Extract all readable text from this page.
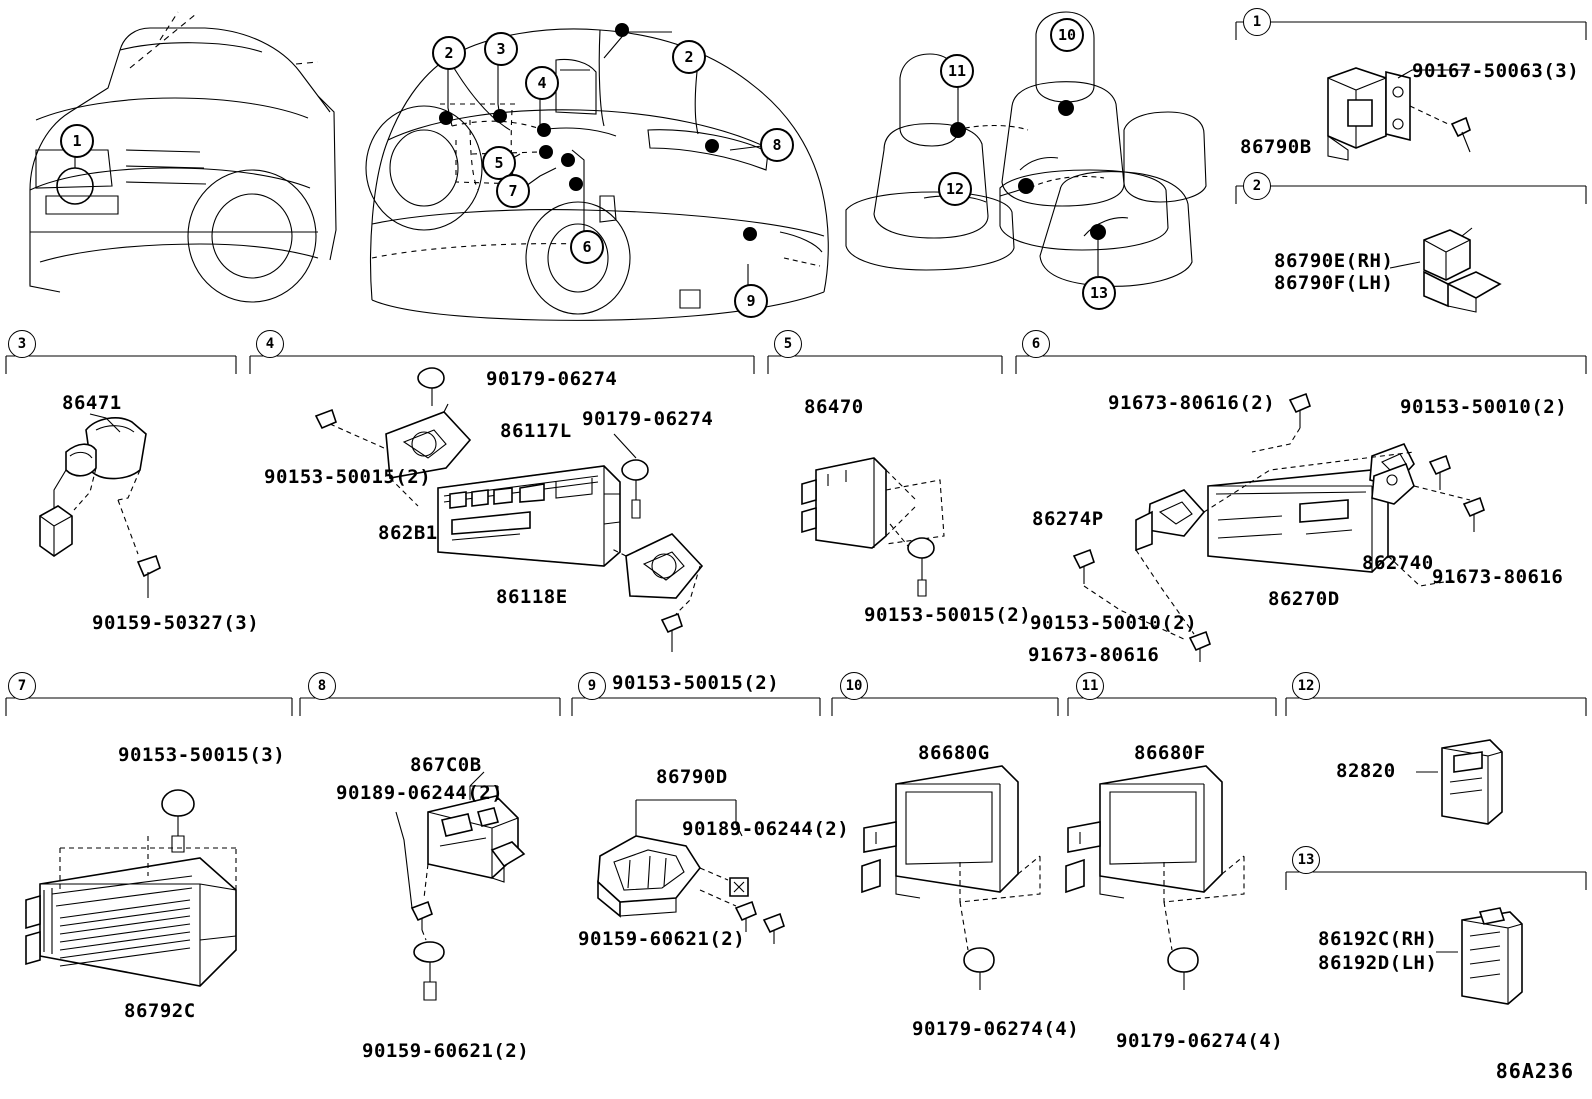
1
2	3
4
5
7
6
2
8
9
11
10
12
13
1
2
3	4	5	6
7	8	9	10	11	12
13
86790B
90167-50063(3)
86790E(RH)
86790F(LH)
86471
90159-50327(3)
90179-06274
86117L
90179-06274
90153-50015(2)
862B1
86118E
90153-50015(2)
86470
90153-50015(2)
91673-80616(2)	90153-50010(2)
86274P
862740
91673-80616
86270D
90153-50010(2)
91673-80616
90153-50015(3)
86792C
867C0B
90189-06244(2)
90159-60621(2)
86790D
90189-06244(2)
90159-60621(2)
86680G
90179-06274(4)
86680F
90179-06274(4)
82820
86192C(RH)
86192D(LH)
86A236
